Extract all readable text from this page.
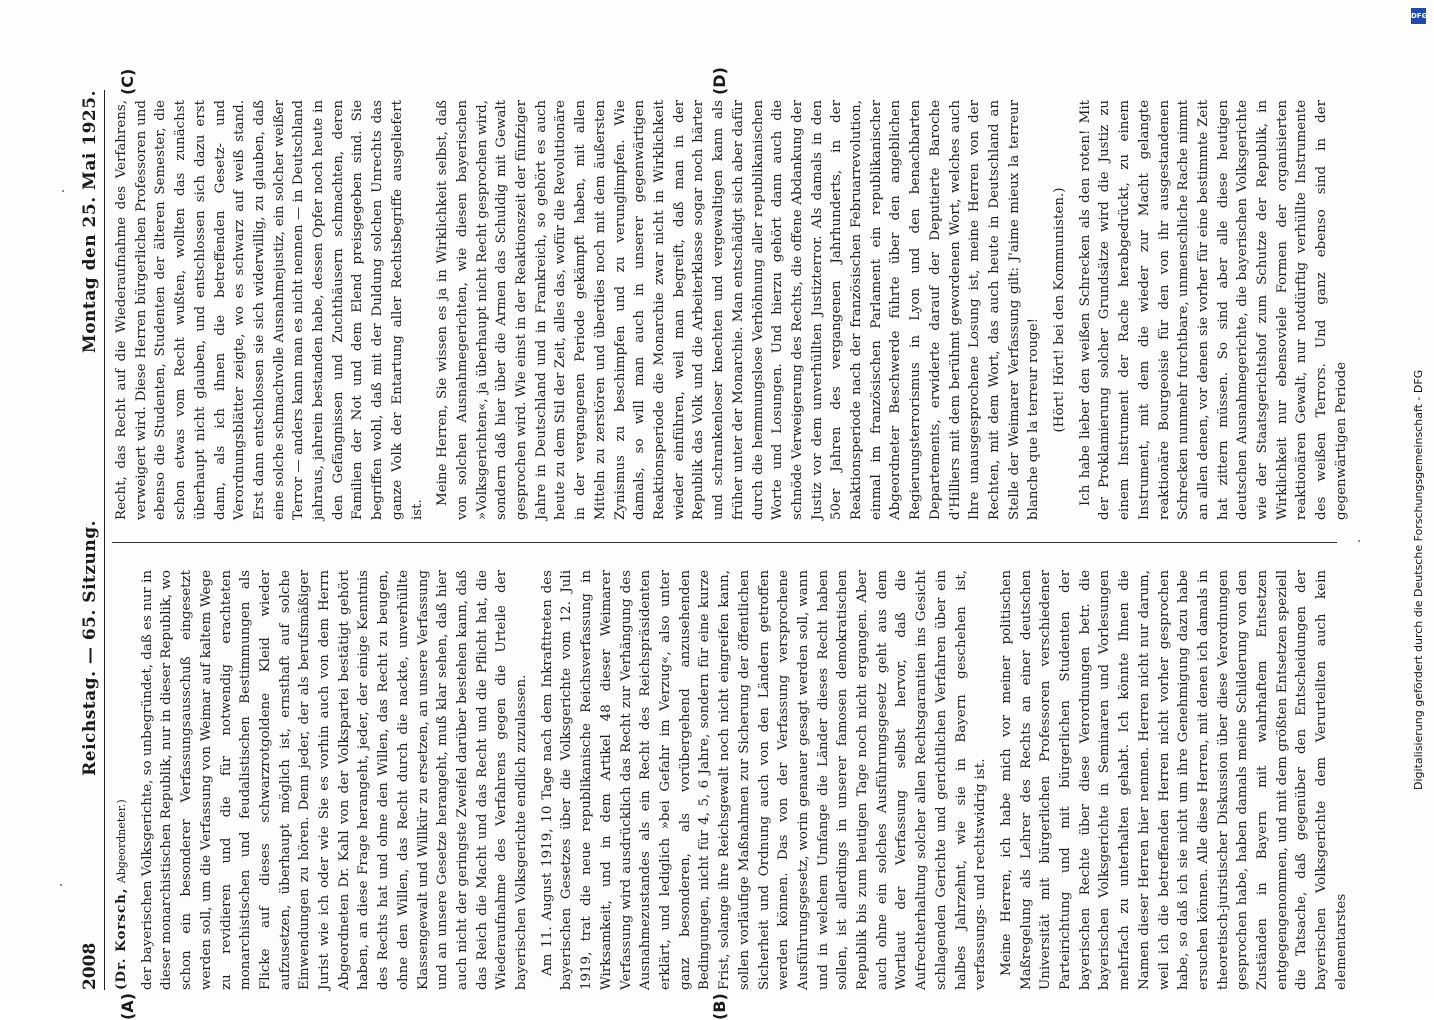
2008
Reichstag. — 65. Sitzung.
Montag den 25. Mai 1925.

(Dr. Korsch, Abgeordneter.) der bayerischen Volksgerichte, so unbegründet, daß es nur in dieser monarchistischen Republik, nur in dieser Republik, wo schon ein besonderer Verfassungsausschuß eingesetzt werden soll, um die Verfassung von Weimar auf kaltem Wege zu revidieren und die für notwendig erachteten monarchistischen und feudalistischen Bestimmungen als Flicke auf dieses schwarzrotgoldene Kleid wieder aufzusetzen, überhaupt möglich ist, ernsthaft auf solche Einwendungen zu hören. Denn jeder, der als berufsmäßiger Jurist wie ich oder wie Sie es vorhin auch von dem Herrn Abgeordneten Dr. Kahl von der Volkspartei bestätigt gehört haben, an diese Frage herangeht, jeder, der einige Kenntnis des Rechts hat und ohne den Willen, das Recht zu beugen, ohne den Willen, das Recht durch die nackte, unverhüllte Klassengewalt und Willkür zu ersetzen, an unsere Verfassung und an unsere Gesetze herangeht, muß klar sehen, daß hier auch nicht der geringste Zweifel darüber bestehen kann, daß das Reich die Macht und das Recht und die Pflicht hat, die Wiederaufnahme des Verfahrens gegen die Urteile der bayerischen Volksgerichte endlich zuzulassen. Am 11. August 1919, 10 Tage nach dem Inkrafttreten des bayerischen Gesetzes über die Volksgerichte vom 12. Juli 1919, trat die neue republikanische Reichsverfassung in Wirksamkeit, und in dem Artikel 48 dieser Weimarer Verfassung wird ausdrücklich das Recht zur Verhängung des Ausnahmezustandes als ein Recht des Reichspräsidenten erklärt, und lediglich »bei Gefahr im Verzug«, also unter ganz besonderen, als vorübergehend anzusehenden Bedingungen, nicht für 4, 5, 6 Jahre, sondern für eine kurze Frist, solange ihre Reichsgewalt noch nicht eingreifen kann, sollen vorläufige Maßnahmen zur Sicherung der öffentlichen Sicherheit und Ordnung auch von den Ländern getroffen werden können. Das von der Verfassung versprochene Ausführungsgesetz, worin genauer gesagt werden soll, wann und in welchem Umfange die Länder dieses Recht haben sollen, ist allerdings in unserer famosen demokratischen Republik bis zum heutigen Tage noch nicht ergangen. Aber auch ohne ein solches Ausführungsgesetz geht aus dem Wortlaut der Verfassung selbst hervor, daß die Aufrechterhaltung solcher allen Rechtsgarantien ins Gesicht schlagenden Gerichte und gerichtlichen Verfahren über ein halbes Jahrzehnt, wie sie in Bayern geschehen ist, verfassungs- und rechtswidrig ist. Meine Herren, ich habe mich vor meiner politischen Maßregelung als Lehrer des Rechts an einer deutschen Universität mit bürgerlichen Professoren verschiedener Parteirichtung und mit bürgerlichen Studenten der bayerischen Rechte über diese Verordnungen betr. die bayerischen Volksgerichte in Seminaren und Vorlesungen mehrfach zu unterhalten gehabt. Ich könnte Ihnen die Namen dieser Herren hier nennen. Herren nicht nur darum, weil ich die betreffenden Herren nicht vorher gesprochen habe, so daß ich sie nicht um ihre Genehmigung dazu habe ersuchen können. Alle diese Herren, mit denen ich damals in theoretisch-juristischer Diskussion über diese Verordnungen gesprochen habe, haben damals meine Schilderung von den Zuständen in Bayern mit wahrhaftem Entsetzen entgegengenommen, und mit dem größten Entsetzen speziell die Tatsache, daß gegenüber den Entscheidungen der bayerischen Volksgerichte dem Verurteilten auch kein elementarstes

Recht, das Recht auf die Wiederaufnahme des Verfahrens, verweigert wird. Diese Herren bürgerlichen Professoren und ebenso die Studenten, Studenten der älteren Semester, die schon etwas vom Recht wußten, wollten das zunächst überhaupt nicht glauben, und entschlossen sich dazu erst dann, als ich ihnen die betreffenden Gesetz- und Verordnungsblätter zeigte, wo es schwarz auf weiß stand. Erst dann entschlossen sie sich widerwillig, zu glauben, daß eine solche schmachvolle Ausnahmejustiz, ein solcher weißer Terror — anders kann man es nicht nennen — in Deutschland jahraus, jahrein bestanden habe, dessen Opfer noch heute in den Gefängnissen und Zuchthäusern schmachten, deren Familien der Not und dem Elend preisgegeben sind. Sie begriffen wohl, daß mit der Duldung solchen Unrechts das ganze Volk der Entartung aller Rechtsbegriffe ausgeliefert ist.

Meine Herren, Sie wissen es ja in Wirklichkeit selbst, daß von solchen Ausnahmegerichten, wie diesen bayerischen »Volksgerichten«, ja überhaupt nicht Recht gesprochen wird, sondern daß hier über die Armen das Schuldig mit Gewalt gesprochen wird. Wie einst in der Reaktionszeit der fünfziger Jahre in Deutschland und in Frankreich, so gehört es auch heute zu dem Stil der Zeit, alles das, wofür die Revolutionäre in der vergangenen Periode gekämpft haben, mit allen Mitteln zu zerstören und überdies noch mit dem äußersten Zynismus zu beschimpfen und zu verunglimpfen. Wie damals, so will man auch in unserer gegenwärtigen Reaktionsperiode die Monarchie zwar nicht in Wirklichkeit wieder einführen, weil man begreift, daß man in der Republik das Volk und die Arbeiterklasse sogar noch härter und schrankenloser knechten und vergewaltigen kann als früher unter der Monarchie. Man entschädigt sich aber dafür durch die hemmungslose Verhöhnung aller republikanischen Worte und Losungen. Und hierzu gehört dann auch die schnöde Verweigerung des Rechts, die offene Abdankung der Justiz vor dem unverhüllten Justizterror. Als damals in den 50er Jahren des vergangenen Jahrhunderts, in der Reaktionsperiode nach der französischen Februarrevolution, einmal im französischen Parlament ein republikanischer Abgeordneter Beschwerde führte über den angeblichen Regierungsterrorismus in Lyon und den benachbarten Departements, erwiderte darauf der Deputierte Baroche d'Hilliers mit dem berühmt gewordenen Wort, welches auch Ihre unausgesprochene Losung ist, meine Herren von der Rechten, mit dem Wort, das auch heute in Deutschland an Stelle der Weimarer Verfassung gilt: J'aime mieux la terreur blanche que la terreur rouge! (Hört! Hört! bei den Kommunisten.) Ich habe lieber den weißen Schrecken als den roten! Mit der Proklamierung solcher Grundsätze wird die Justiz zu einem Instrument der Rache herabgedrückt, zu einem Instrument, mit dem die wieder zur Macht gelangte reaktionäre Bourgeoisie für den von ihr ausgestandenen Schrecken nunmehr furchtbare, unmenschliche Rache nimmt an allen denen, vor denen sie vorher für eine bestimmte Zeit hat zittern müssen. So sind aber alle diese heutigen deutschen Ausnahmegerichte, die bayerischen Volksgerichte wie der Staatsgerichtshof zum Schutze der Republik, in Wirklichkeit nur ebensoviele Formen der organisierten reaktionären Gewalt, nur notdürftig verhüllte Instrumente des weißen Terrors. Und ganz ebenso sind in der gegenwärtigen Periode

(A)	(B)
(C)	(D)
DFG
Digitalisierung gefördert durch die Deutsche Forschungsgemeinschaft ‑ DFG
